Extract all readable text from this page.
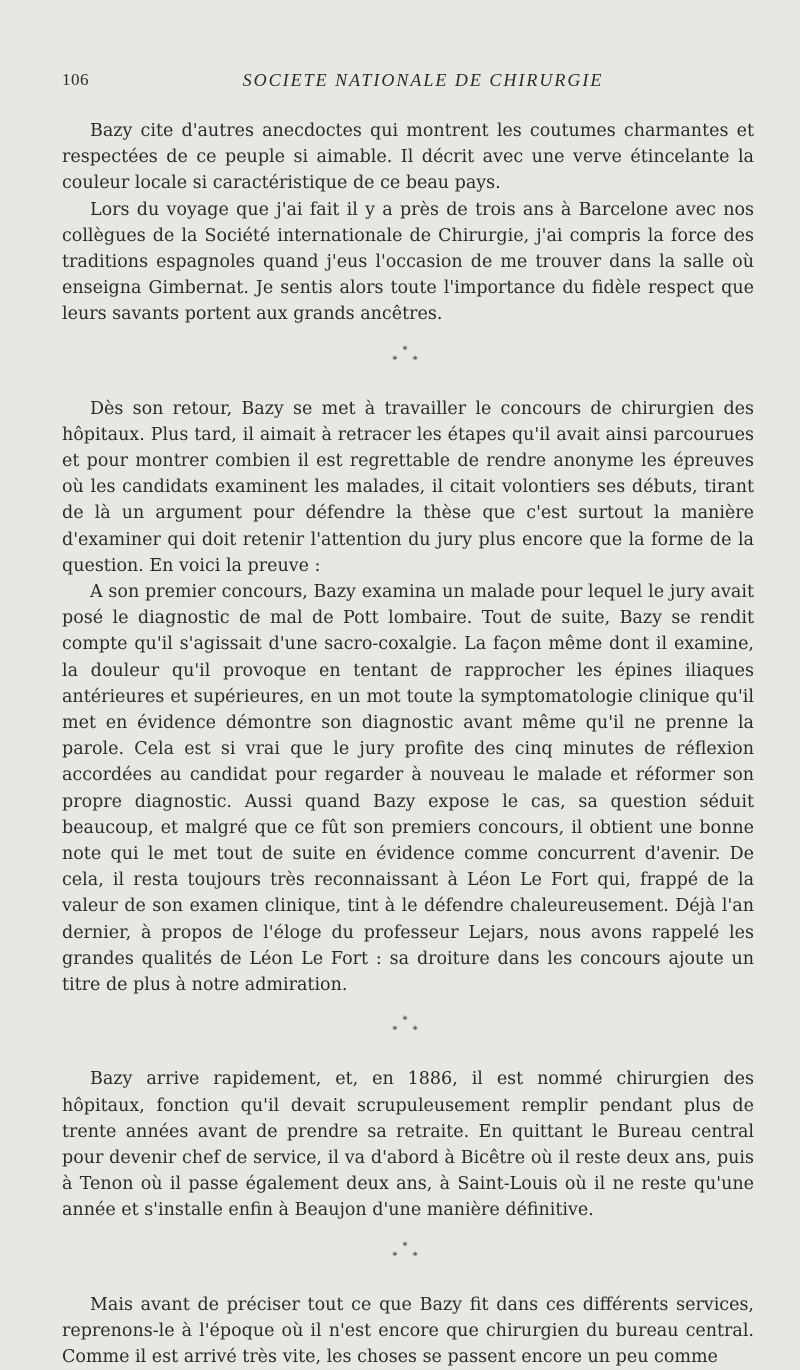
106	SOCIETE NATIONALE DE CHIRURGIE

Bazy cite d'autres anecdoctes qui montrent les coutumes charmantes et respectées de ce peuple si aimable. Il décrit avec une verve étincelante la couleur locale si caractéristique de ce beau pays.

Lors du voyage que j'ai fait il y a près de trois ans à Barcelone avec nos collègues de la Société internationale de Chirurgie, j'ai compris la force des traditions espagnoles quand j'eus l'occasion de me trouver dans la salle où enseigna Gimbernat. Je sentis alors toute l'importance du fidèle respect que leurs savants portent aux grands ancêtres.

*
* *

Dès son retour, Bazy se met à travailler le concours de chirurgien des hôpitaux. Plus tard, il aimait à retracer les étapes qu'il avait ainsi parcourues et pour montrer combien il est regrettable de rendre anonyme les épreuves où les candidats examinent les malades, il citait volontiers ses débuts, tirant de là un argument pour défendre la thèse que c'est surtout la manière d'examiner qui doit retenir l'attention du jury plus encore que la forme de la question. En voici la preuve :

A son premier concours, Bazy examina un malade pour lequel le jury avait posé le diagnostic de mal de Pott lombaire. Tout de suite, Bazy se rendit compte qu'il s'agissait d'une sacro-coxalgie. La façon même dont il examine, la douleur qu'il provoque en tentant de rapprocher les épines iliaques antérieures et supérieures, en un mot toute la symptomatologie clinique qu'il met en évidence démontre son diagnostic avant même qu'il ne prenne la parole. Cela est si vrai que le jury profite des cinq minutes de réflexion accordées au candidat pour regarder à nouveau le malade et réformer son propre diagnostic. Aussi quand Bazy expose le cas, sa question séduit beaucoup, et malgré que ce fût son premiers concours, il obtient une bonne note qui le met tout de suite en évidence comme concurrent d'avenir. De cela, il resta toujours très reconnaissant à Léon Le Fort qui, frappé de la valeur de son examen clinique, tint à le défendre chaleureusement. Déjà l'an dernier, à propos de l'éloge du professeur Lejars, nous avons rappelé les grandes qualités de Léon Le Fort : sa droiture dans les concours ajoute un titre de plus à notre admiration.

*
* *

Bazy arrive rapidement, et, en 1886, il est nommé chirurgien des hôpitaux, fonction qu'il devait scrupuleusement remplir pendant plus de trente années avant de prendre sa retraite. En quittant le Bureau central pour devenir chef de service, il va d'abord à Bicêtre où il reste deux ans, puis à Tenon où il passe également deux ans, à Saint-Louis où il ne reste qu'une année et s'installe enfin à Beaujon d'une manière définitive.

*
* *

Mais avant de préciser tout ce que Bazy fit dans ces différents services, reprenons-le à l'époque où il n'est encore que chirurgien du bureau central. Comme il est arrivé très vite, les choses se passent encore un peu comme
